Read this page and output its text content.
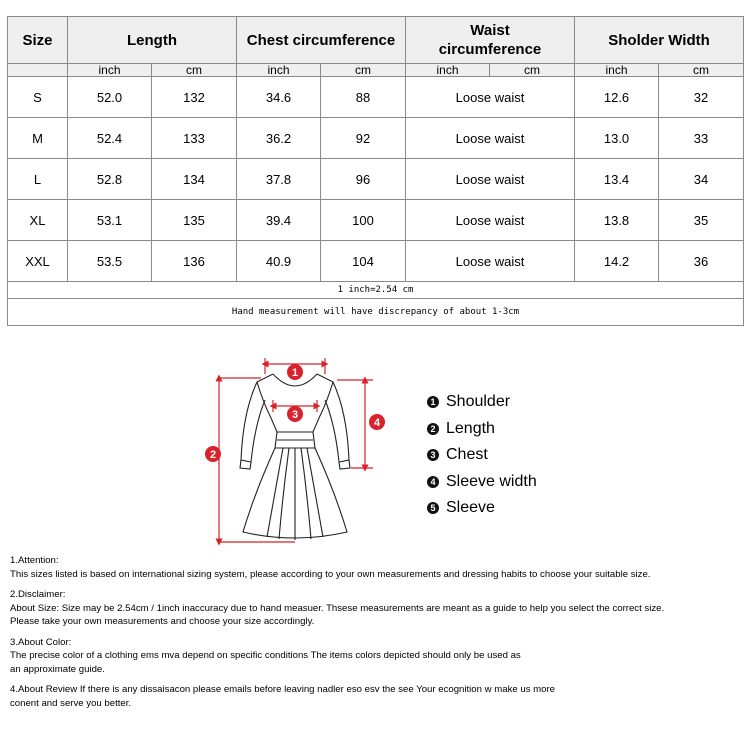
Size	Length		Chest circumference		Waist circumference		Sholder Width	
	inch	cm	inch	cm	inch	cm	inch	cm
S	52.0	132	34.6	88	Loose waist		12.6	32
M	52.4	133	36.2	92	Loose waist		13.0	33
L	52.8	134	37.8	96	Loose waist		13.4	34
XL	53.1	135	39.4	100	Loose waist		13.8	35
XXL	53.5	136	40.9	104	Loose waist		14.2	36
1 inch=2.54 cm								
Hand measurement will have discrepancy of about 1-3cm								
1
2
3
4
1 Shoulder
2 Length
3 Chest
4 Sleeve width
5 Sleeve
1.Attention:
This sizes listed is based on international sizing system, please according to your own measurements and dressing habits to choose your suitable size.
2.Disclaimer:
About Size: Size may be 2.54cm / 1inch inaccuracy due to hand measuer. Thsese measurements are meant as a guide to help you select the correct size.
Please take your own measurements and choose your size accordingly.
3.About Color:
The precise color of a clothing ems mva depend on specific conditions The items colors depicted should only be used as
an approximate guide.
4.About Review If there is any dissaisacon please emails before leaving nadler eso esv the see Your ecognition w make us more
conent and serve you better.
